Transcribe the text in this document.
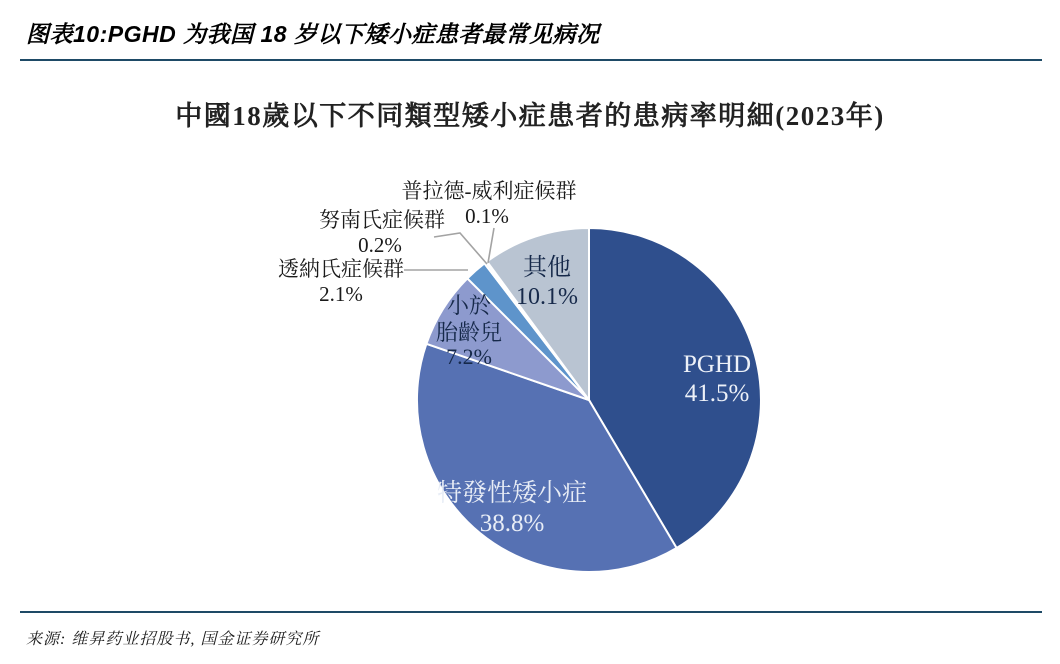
图表10:PGHD 为我国 18 岁以下矮小症患者最常见病况
中國18歲以下不同類型矮小症患者的患病率明細(2023年)
PGHD
41.5%
特發性矮小症
38.8%
小於
胎齡兒
7.2%
透納氏症候群
2.1%
努南氏症候群
0.2%
普拉德-威利症候群
0.1%
其他
10.1%
来源: 维昇药业招股书, 国金证券研究所
